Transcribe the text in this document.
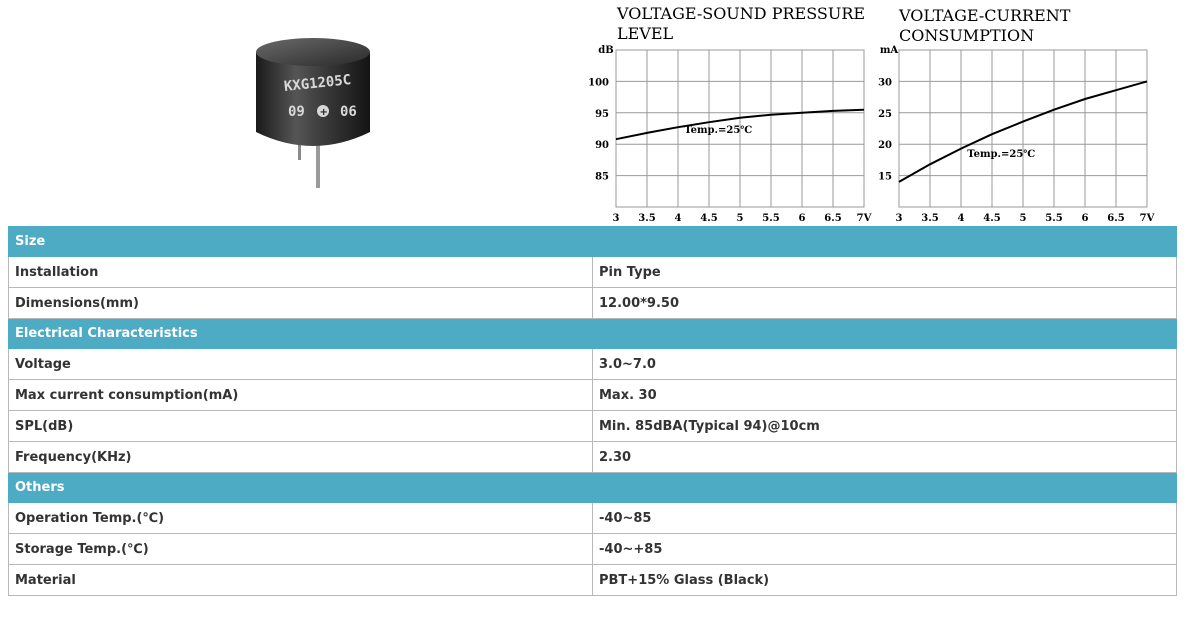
KXG1205C
09 + 06
VOLTAGE-SOUND PRESSURE LEVEL
VOLTAGE-CURRENT CONSUMPTION
3 3.5 4 4.5 5 5.5 6 6.5 7V
100
95
90
85
dB
Temp.=25℃
3 3.5 4 4.5 5 5.5 6 6.5 7V
30
25
20
15
mA
Temp.=25℃
Size	
Installation	Pin Type
Dimensions(mm)	12.00*9.50
Electrical Characteristics	
Voltage	3.0~7.0
Max current consumption(mA)	Max. 30
SPL(dB)	Min. 85dBA(Typical 94)@10cm
Frequency(KHz)	2.30
Others	
Operation Temp.(℃)	-40~85
Storage Temp.(℃)	-40~+85
Material	PBT+15% Glass (Black)
